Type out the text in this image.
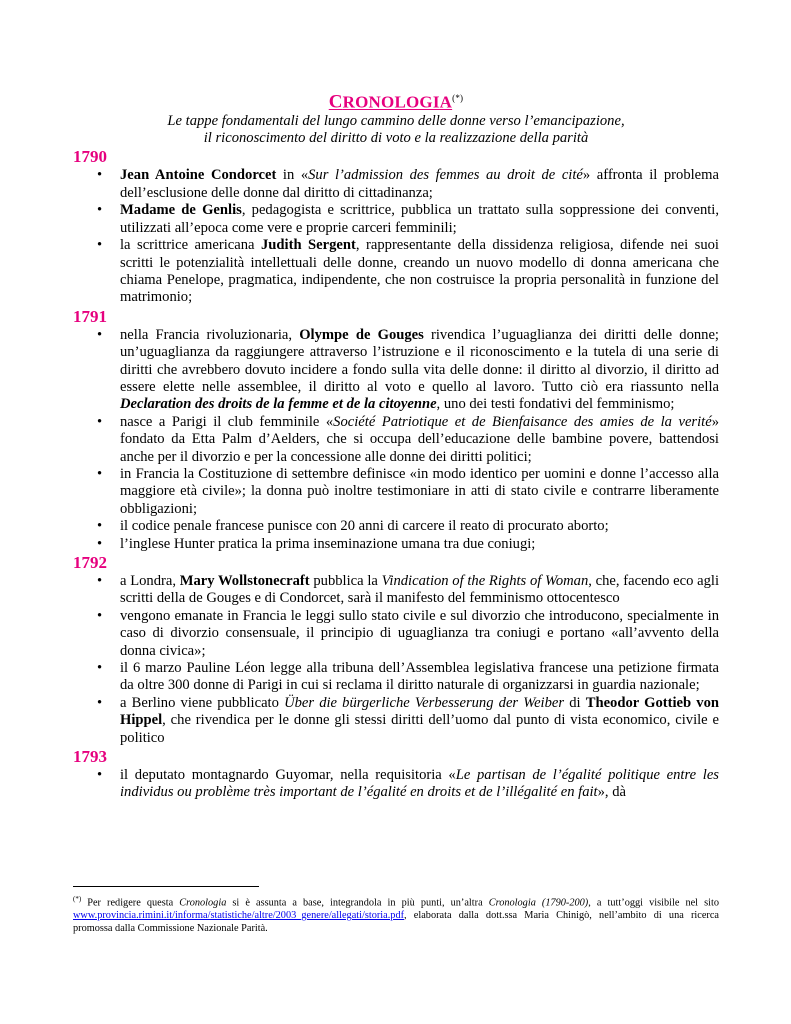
CRONOLOGIA(*)
Le tappe fondamentali del lungo cammino delle donne verso l’emancipazione,
il riconoscimento del diritto di voto e la realizzazione della parità
1790
• Jean Antoine Condorcet in «Sur l’admission des femmes au droit de cité» affronta il problema dell’esclusione delle donne dal diritto di cittadinanza;
• Madame de Genlis, pedagogista e scrittrice, pubblica un trattato sulla soppressione dei conventi, utilizzati all’epoca come vere e proprie carceri femminili;
• la scrittrice americana Judith Sergent, rappresentante della dissidenza religiosa, difende nei suoi scritti le potenzialità intellettuali delle donne, creando un nuovo modello di donna americana che chiama Penelope, pragmatica, indipendente, che non costruisce la propria personalità in funzione del matrimonio;
1791
• nella Francia rivoluzionaria, Olympe de Gouges rivendica l’uguaglianza dei diritti delle donne; un’uguaglianza da raggiungere attraverso l’istruzione e il riconoscimento e la tutela di una serie di diritti che avrebbero dovuto incidere a fondo sulla vita delle donne: il diritto al divorzio, il diritto ad essere elette nelle assemblee, il diritto al voto e quello al lavoro. Tutto ciò era riassunto nella Declaration des droits de la femme et de la citoyenne, uno dei testi fondativi del femminismo;
• nasce a Parigi il club femminile «Société Patriotique et de Bienfaisance des amies de la verité» fondato da Etta Palm d’Aelders, che si occupa dell’educazione delle bambine povere, battendosi anche per il divorzio e per la concessione alle donne dei diritti politici;
• in Francia la Costituzione di settembre definisce «in modo identico per uomini e donne l’accesso alla maggiore età civile»; la donna può inoltre testimoniare in atti di stato civile e contrarre liberamente obbligazioni;
• il codice penale francese punisce con 20 anni di carcere il reato di procurato aborto;
• l’inglese Hunter pratica la prima inseminazione umana tra due coniugi;
1792
• a Londra, Mary Wollstonecraft pubblica la Vindication of the Rights of Woman, che, facendo eco agli scritti della de Gouges e di Condorcet, sarà il manifesto del femminismo ottocentesco
• vengono emanate in Francia le leggi sullo stato civile e sul divorzio che introducono, specialmente in caso di divorzio consensuale, il principio di uguaglianza tra coniugi e portano «all’avvento della donna civica»;
• il 6 marzo Pauline Léon legge alla tribuna dell’Assemblea legislativa francese una petizione firmata da oltre 300 donne di Parigi in cui si reclama il diritto naturale di organizzarsi in guardia nazionale;
• a Berlino viene pubblicato Über die bürgerliche Verbesserung der Weiber di Theodor Gottieb von Hippel, che rivendica per le donne gli stessi diritti dell’uomo dal punto di vista economico, civile e politico
1793
• il deputato montagnardo Guyomar, nella requisitoria «Le partisan de l’égalité politique entre les individus ou problème très important de l’égalité en droits et de l’illégalité en fait», dà
(*) Per redigere questa Cronologia si è assunta a base, integrandola in più punti, un’altra Cronologia (1790-200), a tutt’oggi visibile nel sito www.provincia.rimini.it/informa/statistiche/altre/2003_genere/allegati/storia.pdf, elaborata dalla dott.ssa Maria Chinigò, nell’ambito di una ricerca promossa dalla Commissione Nazionale Parità.
